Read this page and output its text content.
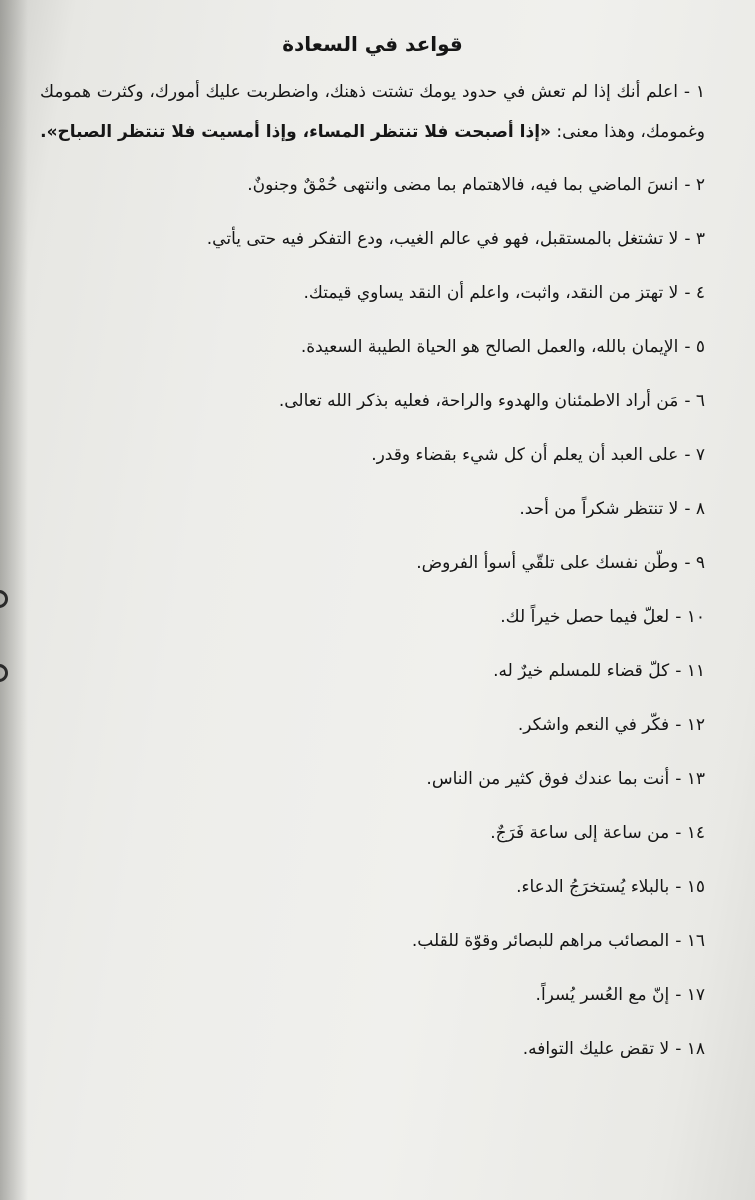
قواعد في السعادة

١ -اعلم أنك إذا لم تعش في حدود يومك تشتت ذهنك، واضطربت عليك أمورك، وكثرت همومك وغمومك، وهذا معنى: «إذا أصبحت فلا تنتظر المساء، وإذا أمسيت فلا تنتظر الصباح».

٢ -انسَ الماضي بما فيه، فالاهتمام بما مضى وانتهى حُمْقٌ وجنونٌ.
٣ -لا تشتغل بالمستقبل، فهو في عالم الغيب، ودع التفكر فيه حتى يأتي.
٤ -لا تهتز من النقد، واثبت، واعلم أن النقد يساوي قيمتك.
٥ -الإيمان بالله، والعمل الصالح هو الحياة الطيبة السعيدة.
٦ -مَن أراد الاطمئنان والهدوء والراحة، فعليه بذكر الله تعالى.
٧ -على العبد أن يعلم أن كل شيء بقضاء وقدر.
٨ -لا تنتظر شكراً من أحد.
٩ -وطّن نفسك على تلقّي أسوأ الفروض.
١٠ -لعلّ فيما حصل خيراً لك.
١١ -كلّ قضاء للمسلم خيرٌ له.
١٢ -فكّر في النعم واشكر.
١٣ -أنت بما عندك فوق كثير من الناس.
١٤ -من ساعة إلى ساعة فَرَجٌ.
١٥ -بالبلاء يُستخرَجُ الدعاء.
١٦ -المصائب مراهم للبصائر وقوّة للقلب.
١٧ -إنّ مع العُسر يُسراً.
١٨ -لا تقض عليك التوافه.
